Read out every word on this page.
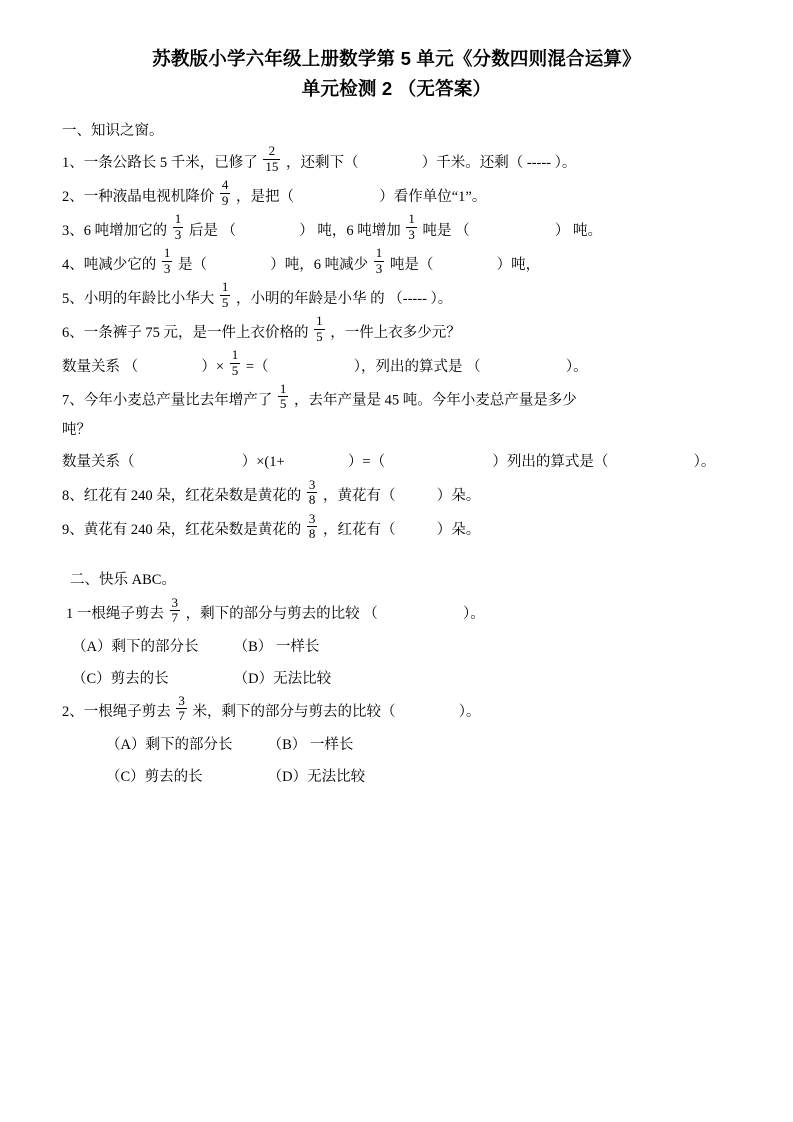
苏教版小学六年级上册数学第 5 单元《分数四则混合运算》
单元检测 2 （无答案）
一、知识之窗。

1、一条公路长 5 千米，已修了 $\frac{2}{15}$ ，还剩下（	）千米。还剩（ ----- ）。

2、一种液晶电视机降价 $\frac{4}{9}$ ，是把（	）看作单位“1”。

3、6 吨增加它的 $\frac{1}{3}$ 后是 （	） 吨，6 吨增加 $\frac{1}{3}$ 吨是 （	） 吨。

4、吨减少它的 $\frac{1}{3}$ 是（	）吨，6 吨减少 $\frac{1}{3}$ 吨是（	）吨，

5、小明的年龄比小华大 $\frac{1}{5}$ ，小明的年龄是小华 的 （----- ）。

6、一条裤子 75 元，是一件上衣价格的 $\frac{1}{5}$ ，一件上衣多少元？

数量关系 （	）× $\frac{1}{5}$ =（	），列出的算式是 （	）。

7、今年小麦总产量比去年增产了 $\frac{1}{5}$ ，去年产量是 45 吨。今年小麦总产量是多少

吨？

数量关系（	）×(1+	）=（	）列出的算式是（	）。

8、红花有 240 朵，红花朵数是黄花的 $\frac{3}{8}$ ，黄花有（	）朵。

9、黄花有 240 朵，红花朵数是黄花的 $\frac{3}{8}$ ，红花有（	）朵。

二、快乐 ABC。

1 一根绳子剪去 $\frac{3}{7}$ ，剩下的部分与剪去的比较 （	）。

（A）剩下的部分长 （B） 一样长

（C）剪去的长	（D）无法比较

2、一根绳子剪去 $\frac{3}{7}$ 米，剩下的部分与剪去的比较（	）。

（A）剩下的部分长 （B） 一样长

（C）剪去的长	（D）无法比较
